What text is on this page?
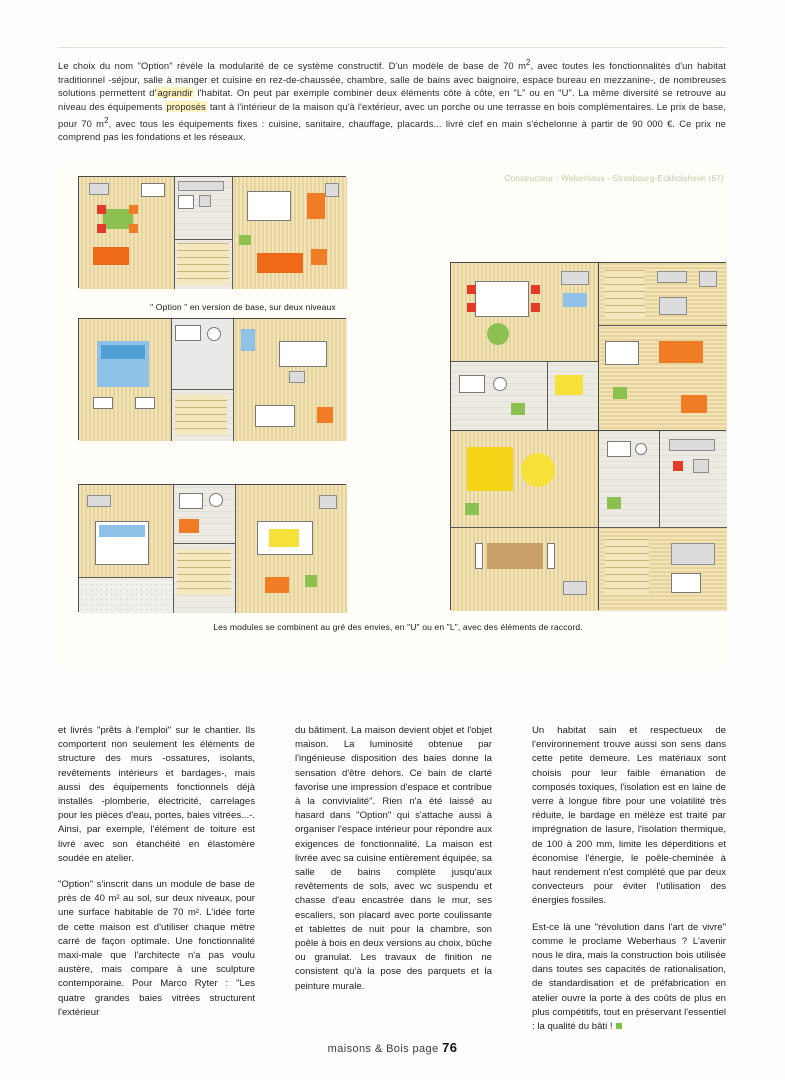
Le choix du nom "Option" révèle la modularité de ce système constructif. D'un modèle de base de 70 $m^2$, avec toutes les fonctionnalités d'un habitat traditionnel -séjour, salle à manger et cuisine en rez-de-chaussée, chambre, salle de bains avec baignoire, espace bureau en mezzanine-, de nombreuses solutions permettent d'agrandir l'habitat. On peut par exemple combiner deux éléments côte à côte, en "L" ou en "U". La même diversité se retrouve au niveau des équipements proposés tant à l'intérieur de la maison qu'à l'extérieur, avec un porche ou une terrasse en bois complémentaires. Le prix de base, pour 70 $m^2$, avec tous les équipements fixes : cuisine, sanitaire, chauffage, placards... livré clef en main s'échelonne à partir de 90 000 €. Ce prix ne comprend pas les fondations et les réseaux.
Constructeur : Weberhaus - Strasbourg-Eckbolsheim (67)
" Option " en version de base, sur deux niveaux
Les modules se combinent au gré des envies, en "U" ou en "L", avec des éléments de raccord.

et livrés "prêts à l'emploi" sur le chantier. Ils comportent non seulement les éléments de structure des murs -ossatures, isolants, revêtements intérieurs et bardages-, mais aussi des équipements fonctionnels déjà installés -plomberie, électricité, carrelages pour les pièces d'eau, portes, baies vitrées...-. Ainsi, par exemple, l'élément de toiture est livré avec son étanchéité en élastomère soudée en atelier.

"Option" s'inscrit dans un module de base de près de 40 m² au sol, sur deux niveaux, pour une surface habitable de 70 m². L'idée forte de cette maison est d'utiliser chaque mètre carré de façon optimale. Une fonctionnalité maxi-male que l'architecte n'a pas voulu austère, mais compare à une sculpture contemporaine. Pour Marco Ryter : "Les quatre grandes baies vitrées structurent l'extérieur

du bâtiment. La maison devient objet et l'objet maison. La luminosité obtenue par l'ingénieuse disposition des baies donne la sensation d'être dehors. Ce bain de clarté favorise une impression d'espace et contribue à la convivialité". Rien n'a été laissé au hasard dans "Option" qui s'attache aussi à organiser l'espace intérieur pour répondre aux exigences de fonctionnalité. La maison est livrée avec sa cuisine entièrement équipée, sa salle de bains complète jusqu'aux revêtements de sols, avec wc suspendu et chasse d'eau encastrée dans le mur, ses escaliers, son placard avec porte coulissante et tablettes de nuit pour la chambre, son poêle à bois en deux versions au choix, bûche ou granulat. Les travaux de finition ne consistent qu'à la pose des parquets et la peinture murale.

Un habitat sain et respectueux de l'environnement trouve aussi son sens dans cette petite demeure. Les matériaux sont choisis pour leur faible émanation de composés toxiques, l'isolation est en laine de verre à longue fibre pour une volatilité très réduite, le bardage en mélèze est traité par imprégnation de lasure, l'isolation thermique, de 100 à 200 mm, limite les déperditions et économise l'énergie, le poêle-cheminée à haut rendement n'est complété que par deux convecteurs pour éviter l'utilisation des énergies fossiles.

Est-ce là une "révolution dans l'art de vivre" comme le proclame Weberhaus ? L'avenir nous le dira, mais la construction bois utilisée dans toutes ses capacités de rationalisation, de standardisation et de préfabrication en atelier ouvre la porte à des coûts de plus en plus compétitifs, tout en préservant l'essentiel : la qualité du bâti !

maisons & Bois page 76
